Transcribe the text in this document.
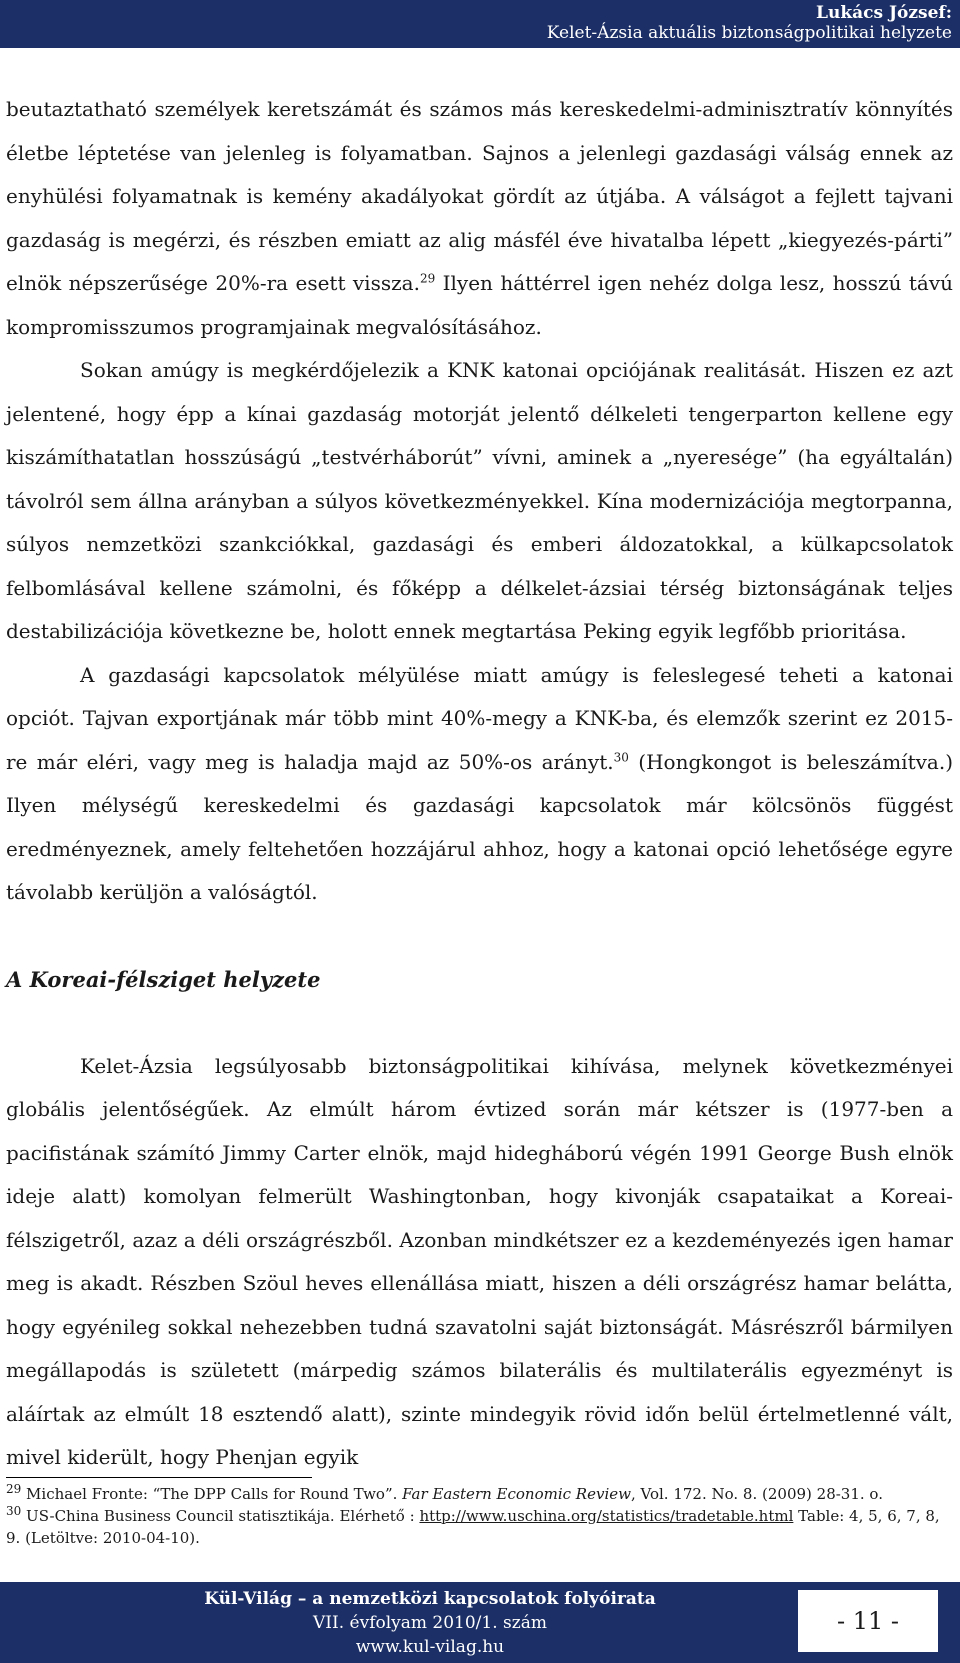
Lukács József:
Kelet-Ázsia aktuális biztonságpolitikai helyzete

beutaztatható személyek keretszámát és számos más kereskedelmi-adminisztratív könnyítés életbe léptetése van jelenleg is folyamatban. Sajnos a jelenlegi gazdasági válság ennek az enyhülési folyamatnak is kemény akadályokat gördít az útjába. A válságot a fejlett tajvani gazdaság is megérzi, és részben emiatt az alig másfél éve hivatalba lépett „kiegyezés-párti” elnök népszerűsége 20%-ra esett vissza.$^{29}$ Ilyen háttérrel igen nehéz dolga lesz, hosszú távú kompromisszumos programjainak megvalósításához.

Sokan amúgy is megkérdőjelezik a KNK katonai opciójának realitását. Hiszen ez azt jelentené, hogy épp a kínai gazdaság motorját jelentő délkeleti tengerparton kellene egy kiszámíthatatlan hosszúságú „testvérháborút” vívni, aminek a „nyeresége” (ha egyáltalán) távolról sem állna arányban a súlyos következményekkel. Kína modernizációja megtorpanna, súlyos nemzetközi szankciókkal, gazdasági és emberi áldozatokkal, a külkapcsolatok felbomlásával kellene számolni, és főképp a délkelet-ázsiai térség biztonságának teljes destabilizációja következne be, holott ennek megtartása Peking egyik legfőbb prioritása.

A gazdasági kapcsolatok mélyülése miatt amúgy is feleslegesé teheti a katonai opciót. Tajvan exportjának már több mint 40%-megy a KNK-ba, és elemzők szerint ez 2015-re már eléri, vagy meg is haladja majd az 50%-os arányt.$^{30}$ (Hongkongot is beleszámítva.) Ilyen mélységű kereskedelmi és gazdasági kapcsolatok már kölcsönös függést eredményeznek, amely feltehetően hozzájárul ahhoz, hogy a katonai opció lehetősége egyre távolabb kerüljön a valóságtól.

A Koreai-félsziget helyzete

Kelet-Ázsia legsúlyosabb biztonságpolitikai kihívása, melynek következményei globális jelentőségűek. Az elmúlt három évtized során már kétszer is (1977-ben a pacifistának számító Jimmy Carter elnök, majd hidegháború végén 1991 George Bush elnök ideje alatt) komolyan felmerült Washingtonban, hogy kivonják csapataikat a Koreai-félszigetről, azaz a déli országrészből. Azonban mindkétszer ez a kezdeményezés igen hamar meg is akadt. Részben Szöul heves ellenállása miatt, hiszen a déli országrész hamar belátta, hogy egyénileg sokkal nehezebben tudná szavatolni saját biztonságát. Másrészről bármilyen megállapodás is született (márpedig számos bilaterális és multilaterális egyezményt is aláírtak az elmúlt 18 esztendő alatt), szinte mindegyik rövid időn belül értelmetlenné vált, mivel kiderült, hogy Phenjan egyik

$^{29}$ Michael Fronte: “The DPP Calls for Round Two”. Far Eastern Economic Review, Vol. 172. No. 8. (2009) 28-31. o.

$^{30}$ US-China Business Council statisztikája. Elérhető : http://www.uschina.org/statistics/tradetable.html Table: 4, 5, 6, 7, 8, 9. (Letöltve: 2010-04-10).

Kül-Világ – a nemzetközi kapcsolatok folyóirata
VII. évfolyam 2010/1. szám
www.kul-vilag.hu
- 11 -
